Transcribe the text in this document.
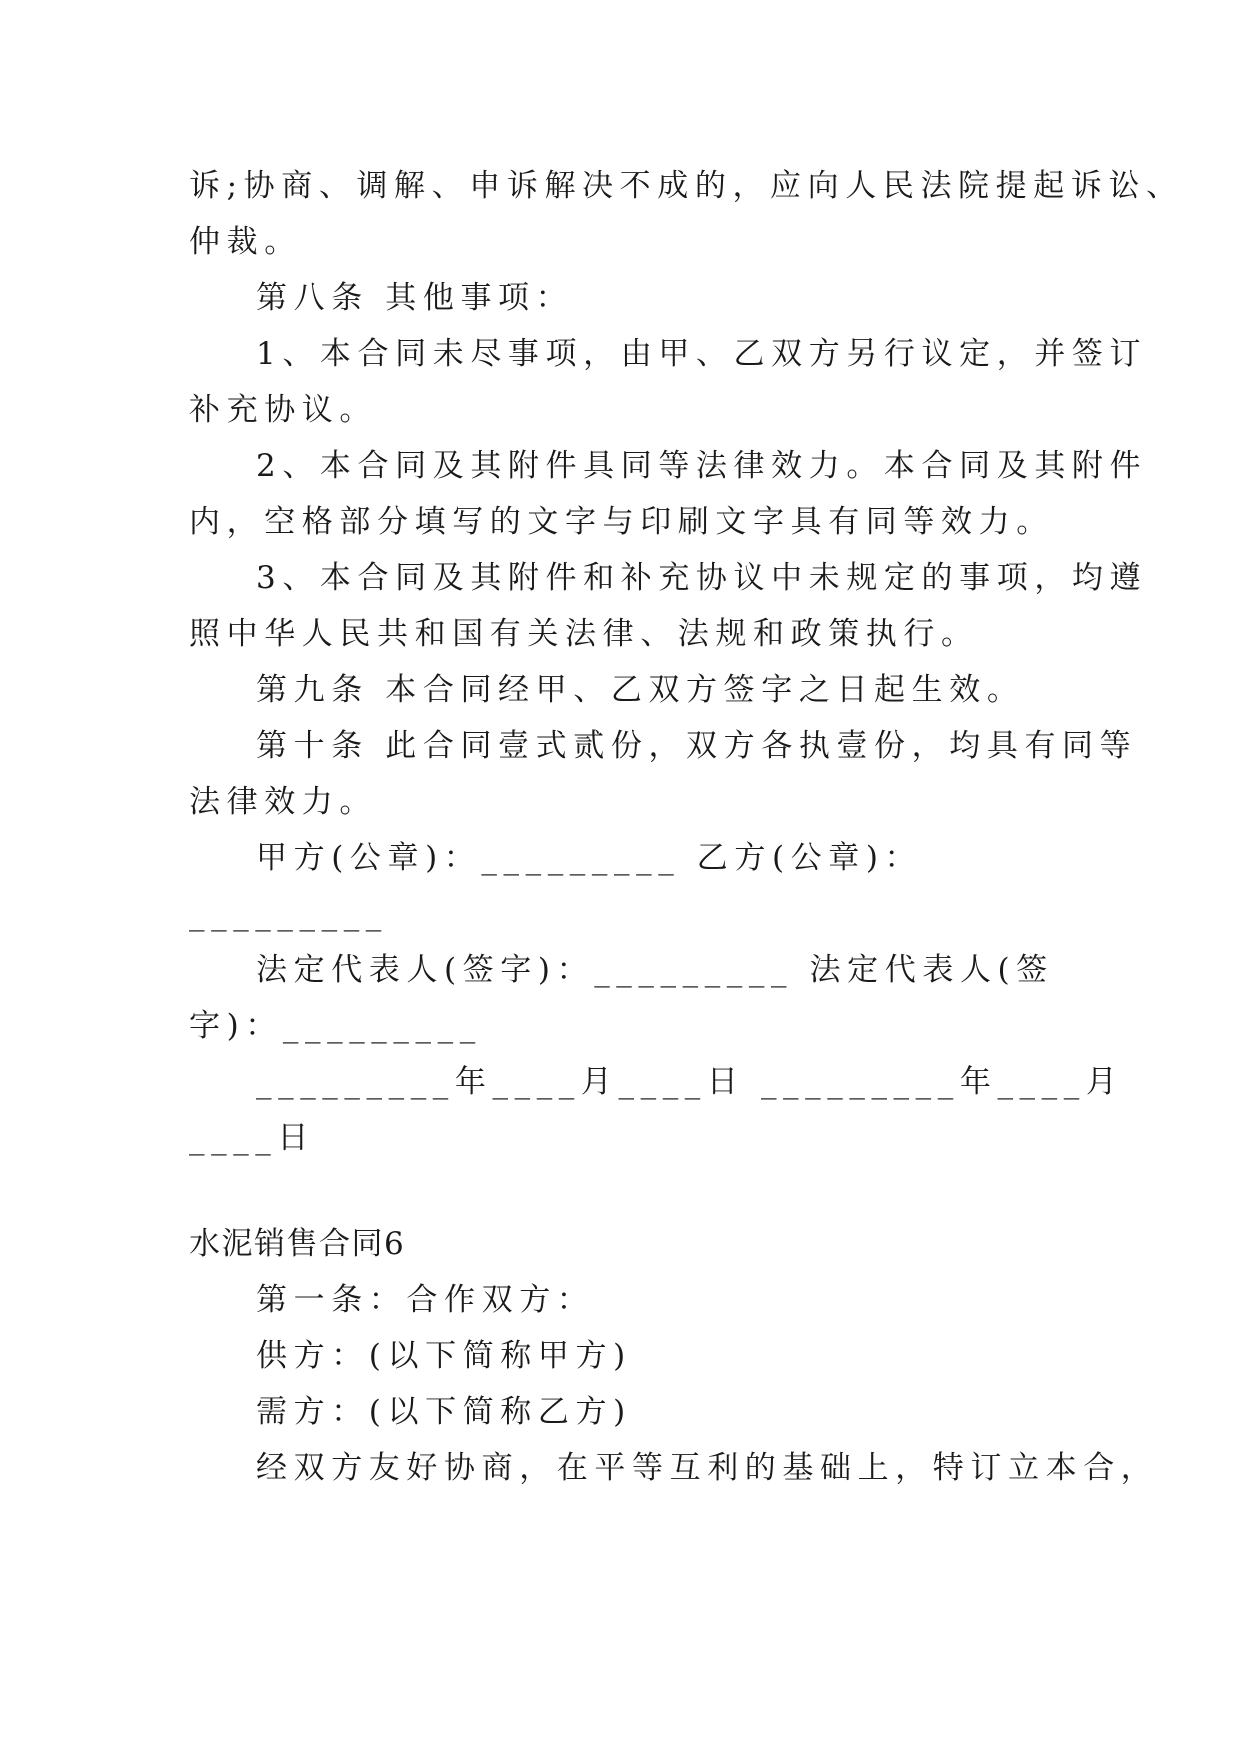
诉;协商、调解、申诉解决不成的，应向人民法院提起诉讼、
仲裁。
第八条 其他事项：
1、本合同未尽事项，由甲、乙双方另行议定，并签订
补充协议。
2、本合同及其附件具同等法律效力。本合同及其附件
内，空格部分填写的文字与印刷文字具有同等效力。
3、本合同及其附件和补充协议中未规定的事项，均遵
照中华人民共和国有关法律、法规和政策执行。
第九条 本合同经甲、乙双方签字之日起生效。
第十条 此合同壹式贰份，双方各执壹份，均具有同等
法律效力。
甲方(公章)：_________ 乙方(公章)：
_________
法定代表人(签字)：_________ 法定代表人(签
字)：_________
_________年____月____日 _________年____月
____日
水泥销售合同6
第一条：合作双方：
供方：(以下简称甲方)
需方：(以下简称乙方)
经双方友好协商，在平等互利的基础上，特订立本合，
